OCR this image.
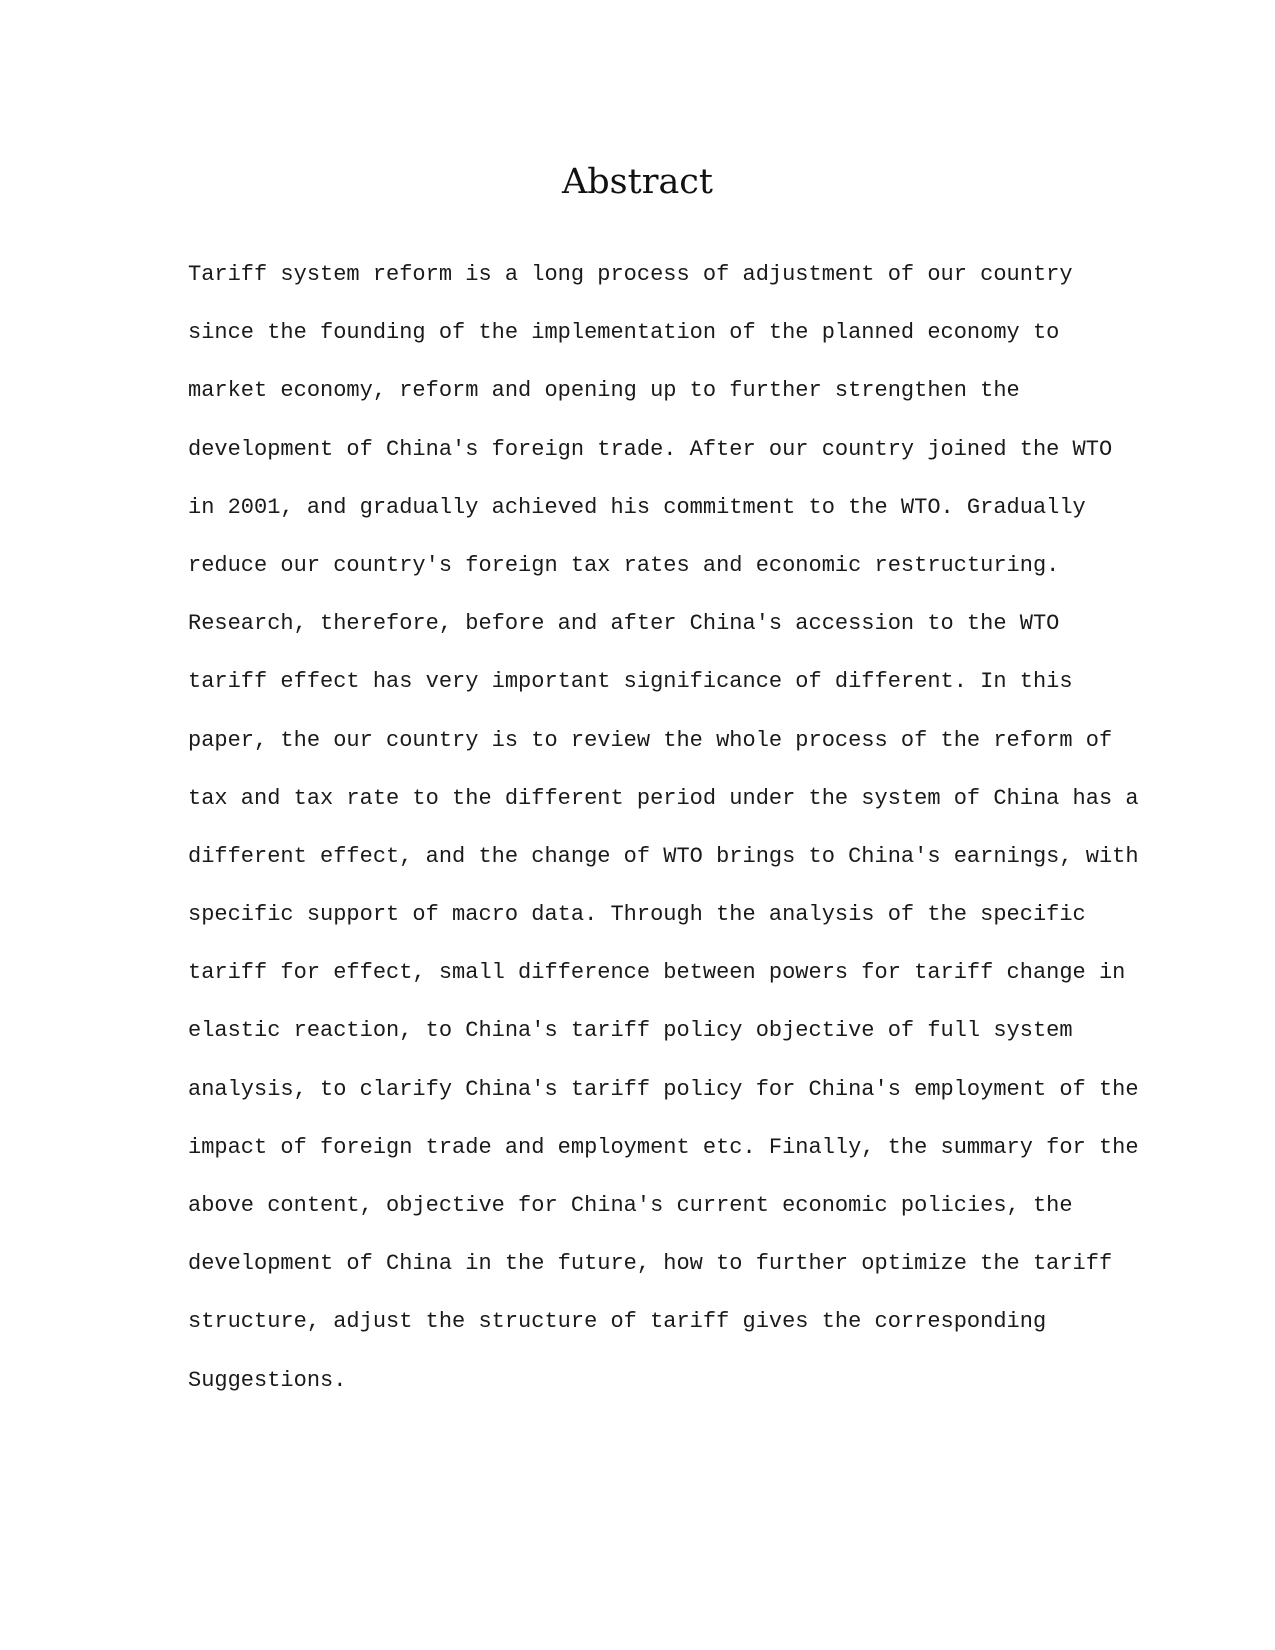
Abstract
Tariff system reform is a long process of adjustment of our country
since the founding of the implementation of the planned economy to
market economy, reform and opening up to further strengthen the
development of China's foreign trade. After our country joined the WTO
in 2001, and gradually achieved his commitment to the WTO. Gradually
reduce our country's foreign tax rates and economic restructuring.
Research, therefore, before and after China's accession to the WTO
tariff effect has very important significance of different. In this
paper, the our country is to review the whole process of the reform of
tax and tax rate to the different period under the system of China has a
different effect, and the change of WTO brings to China's earnings, with
specific support of macro data. Through the analysis of the specific
tariff for effect, small difference between powers for tariff change in
elastic reaction, to China's tariff policy objective of full system
analysis, to clarify China's tariff policy for China's employment of the
impact of foreign trade and employment etc. Finally, the summary for the
above content, objective for China's current economic policies, the
development of China in the future, how to further optimize the tariff
structure, adjust the structure of tariff gives the corresponding
Suggestions.
